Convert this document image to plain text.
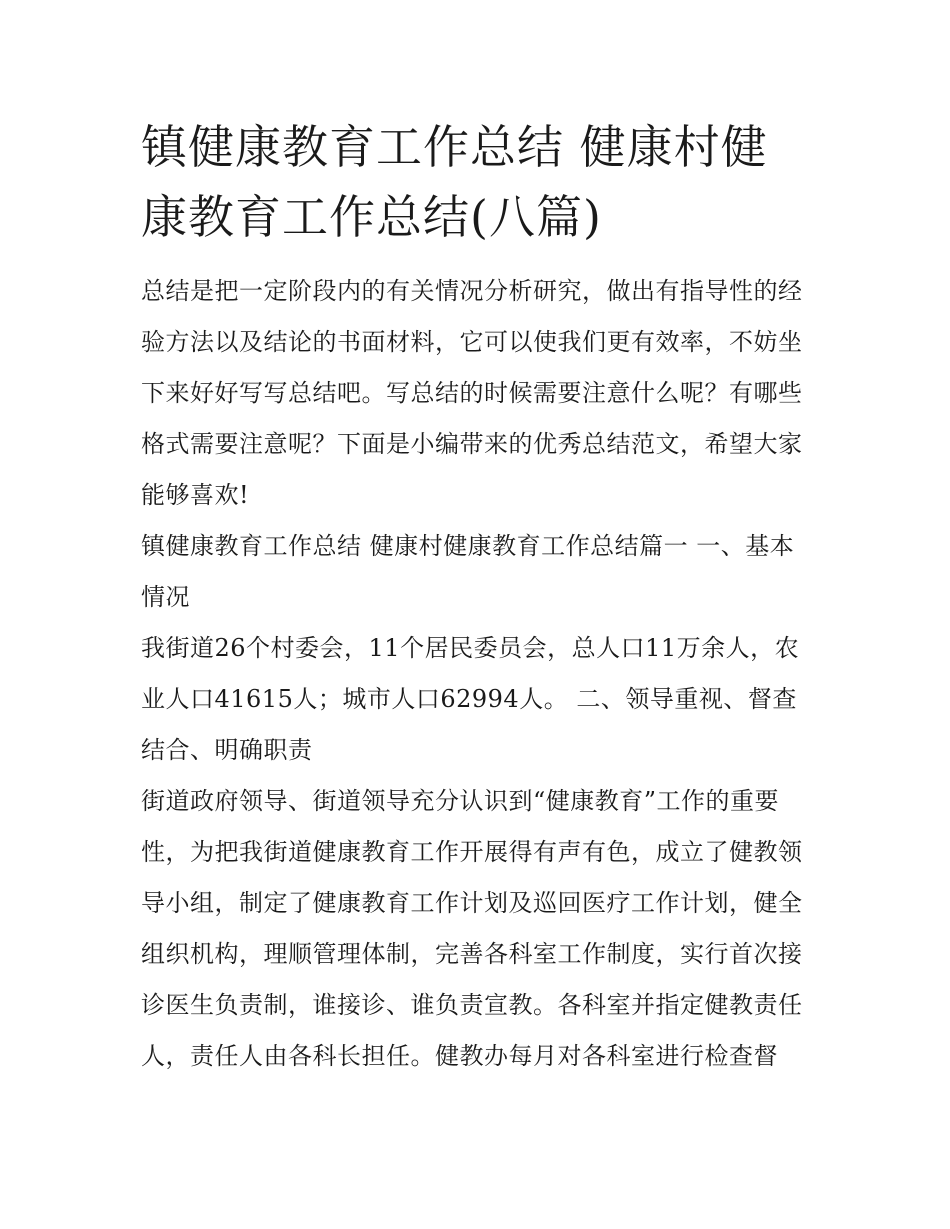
镇健康教育工作总结 健康村健康教育工作总结(八篇)

总结是把一定阶段内的有关情况分析研究，做出有指导性的经验方法以及结论的书面材料，它可以使我们更有效率，不妨坐下来好好写写总结吧。写总结的时候需要注意什么呢？有哪些格式需要注意呢？下面是小编带来的优秀总结范文，希望大家能够喜欢!

镇健康教育工作总结 健康村健康教育工作总结篇一 一、基本情况

我街道26个村委会，11个居民委员会，总人口11万余人，农业人口41615人；城市人口62994人。 二、领导重视、督查结合、明确职责

街道政府领导、街道领导充分认识到“健康教育”工作的重要性，为把我街道健康教育工作开展得有声有色，成立了健教领导小组，制定了健康教育工作计划及巡回医疗工作计划，健全组织机构，理顺管理体制，完善各科室工作制度，实行首次接诊医生负责制，谁接诊、谁负责宣教。各科室并指定健教责任人，责任人由各科长担任。健教办每月对各科室进行检查督
